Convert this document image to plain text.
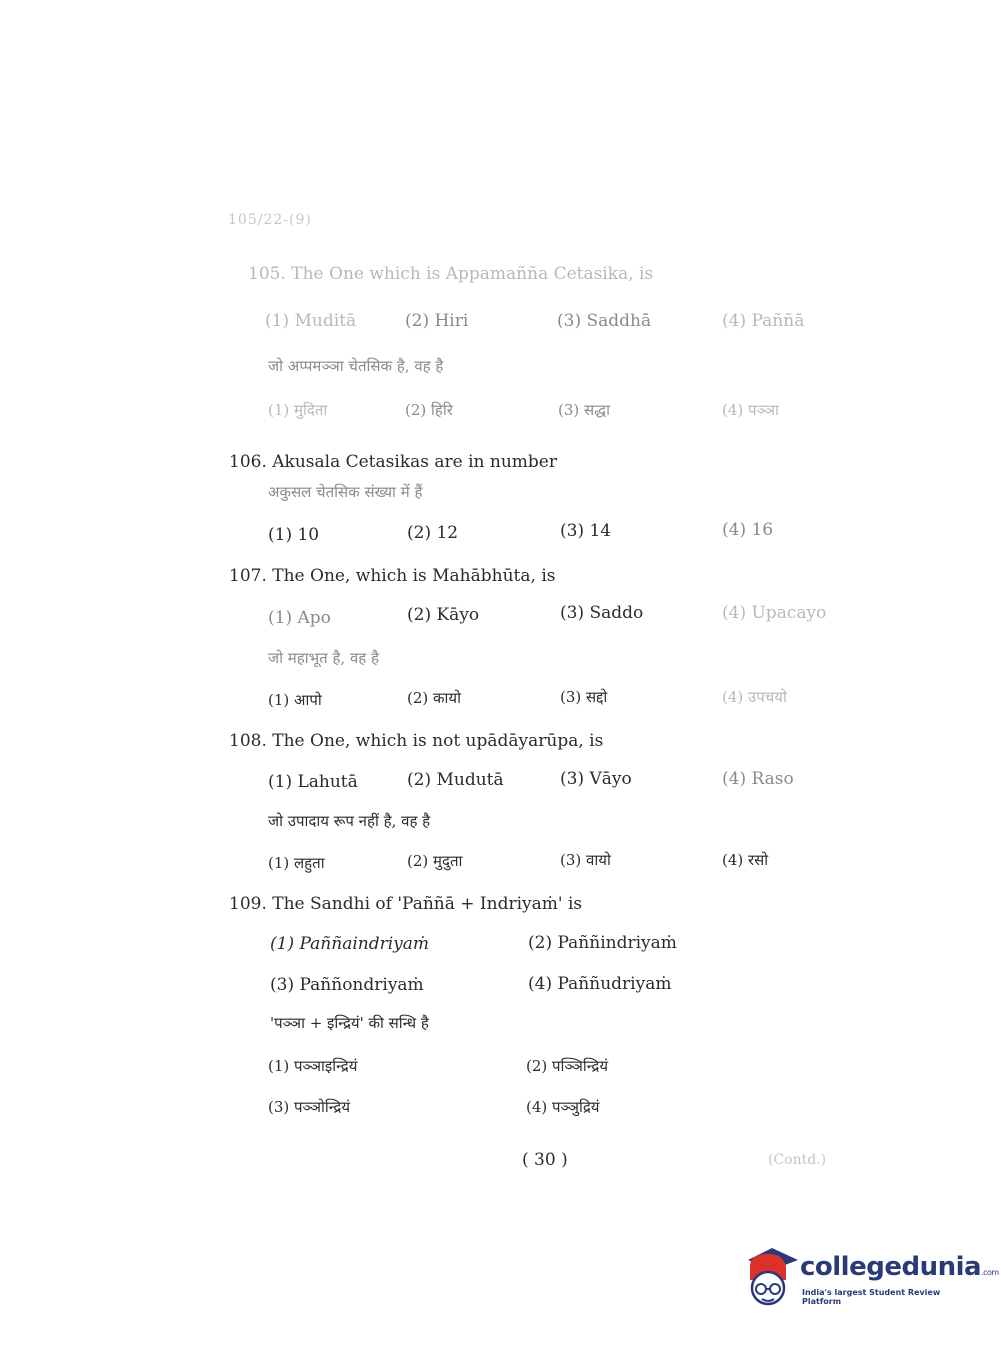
105/22-(9)
105. The One which is Appamañña Cetasika, is
(1) Muditā	(2) Hiri	(3) Saddhā	(4) Paññā
जो अप्पमञ्ञा चेतसिक है, वह है
(1) मुदिता	(2) हिरि	(3) सद्धा	(4) पञ्ञा
106. Akusala Cetasikas are in number
अकुसल चेतसिक संख्या में हैं
(1) 10	(2) 12	(3) 14	(4) 16
107. The One, which is Mahābhūta, is
(1) Apo	(2) Kāyo	(3) Saddo	(4) Upacayo
जो महाभूत है, वह है
(1) आपो	(2) कायो	(3) सद्दो	(4) उपचयो
108. The One, which is not upādāyarūpa, is
(1) Lahutā	(2) Mudutā	(3) Vāyo	(4) Raso
जो उपादाय रूप नहीं है, वह है
(1) लहुता	(2) मुदुता	(3) वायो	(4) रसो
109. The Sandhi of 'Paññā + Indriyaṁ' is
(1) Paññaindriyaṁ	(2) Paññindriyaṁ
(3) Paññondriyaṁ	(4) Paññudriyaṁ
'पञ्ञा + इन्द्रियं' की सन्धि है
(1) पञ्ञाइन्द्रियं	(2) पञ्ञिन्द्रियं
(3) पञ्ञोन्द्रियं	(4) पञ्ञुद्रियं
( 30 )	(Contd.)
collegedunia.com
India's largest Student Review Platform
